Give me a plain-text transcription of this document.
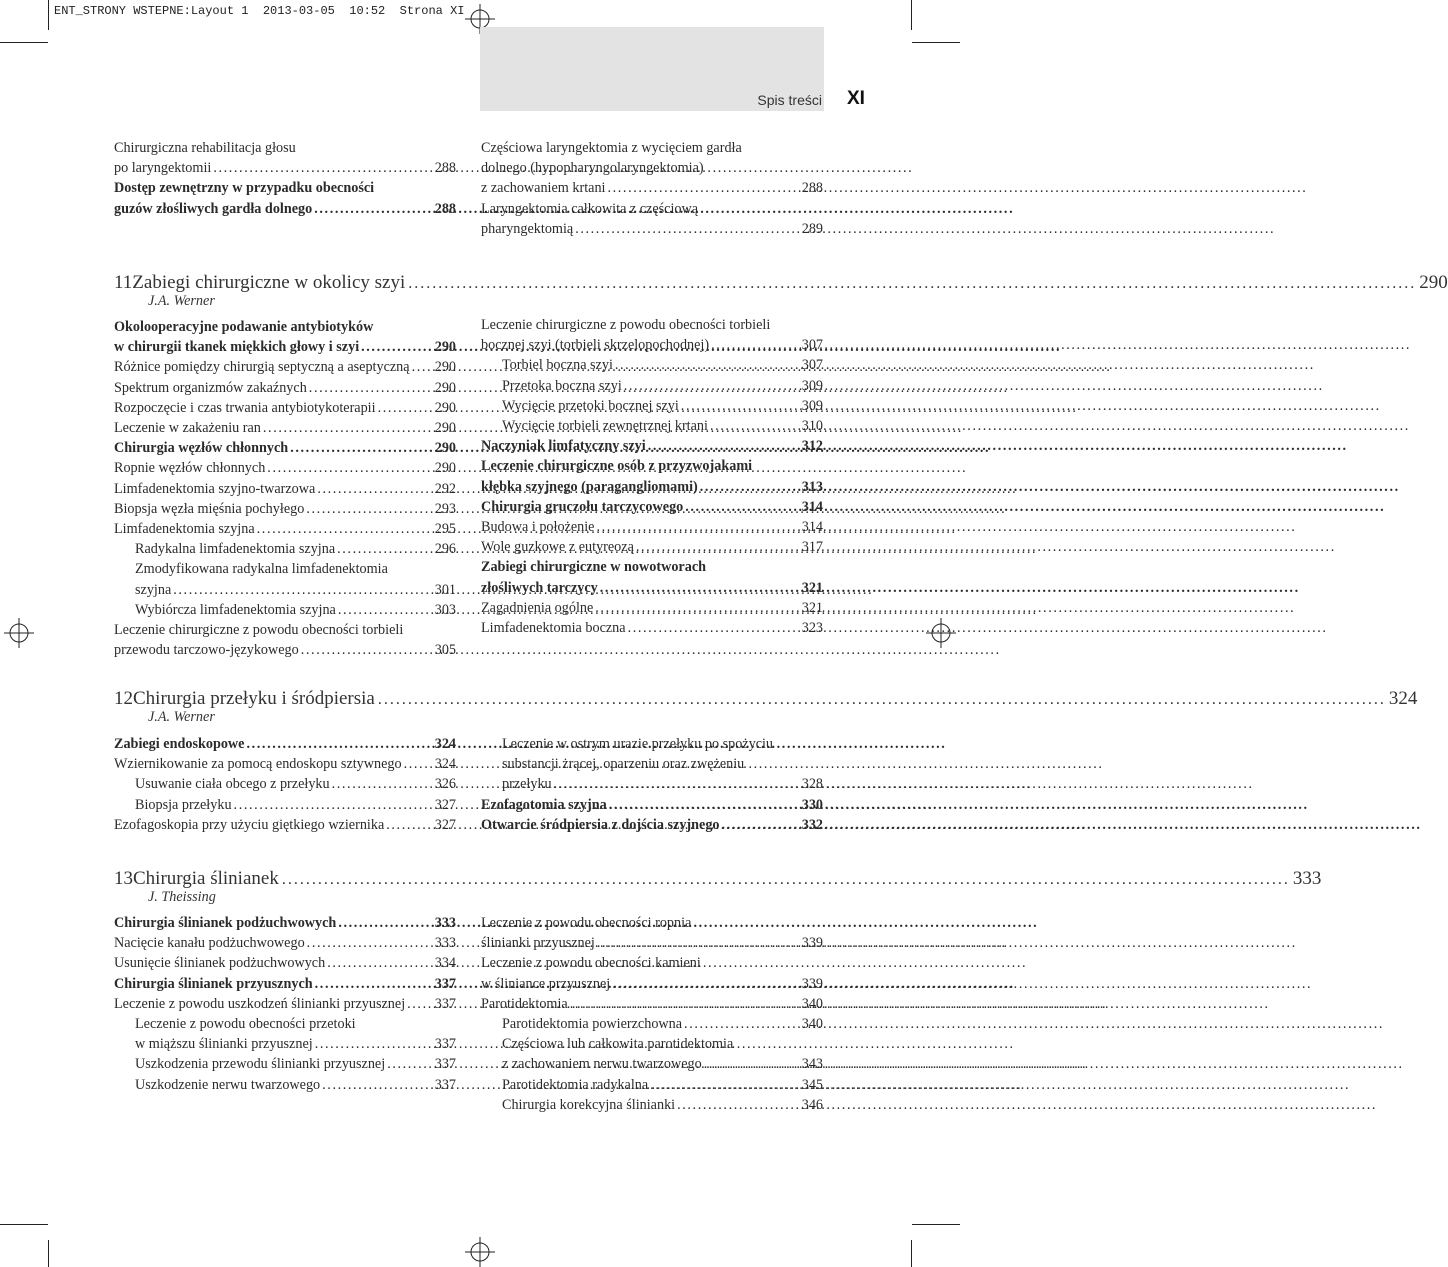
ENT_STRONY WSTEPNE:Layout 1  2013-03-05  10:52  Strona XI
Spis treści XI
Chirurgiczna rehabilitacja głosu
po laryngektomii .....	288
Dostęp zewnętrzny w przypadku obecności
guzów złośliwych gardła dolnego .....	288
Częściowa laryngektomia z wycięciem gardła
dolnego (hypopharyngolaryngektomia)
z zachowaniem krtani .....	288
Laryngektomia całkowita z częściową
pharyngektomią .....	289
11 Zabiegi chirurgiczne w okolicy szyi .....	290
J.A. Werner
Okolooperacyjne podawanie antybiotyków
w chirurgii tkanek miękkich głowy i szyi .....	290
Różnice pomiędzy chirurgią septyczną a aseptyczną ..... 290
Spektrum organizmów zakaźnych .....	290
Rozpoczęcie i czas trwania antybiotykoterapii .....	290
Leczenie w zakażeniu ran .....	290
Chirurgia węzłów chłonnych .....	290
Ropnie węzłów chłonnych .....	290
Limfadenektomia szyjno-twarzowa .....	292
Biopsja węzła mięśnia pochyłego .....	293
Limfadenektomia szyjna .....	295
Radykalna limfadenektomia szyjna .....	296
Zmodyfikowana radykalna limfadenektomia
szyjna .....	301
Wybiórcza limfadenektomia szyjna .....	303
Leczenie chirurgiczne z powodu obecności torbieli
przewodu tarczowo-językowego .....	305
Leczenie chirurgiczne z powodu obecności torbieli
bocznej szyi (torbieli skrzelopochodnej) .....	307
Torbiel boczna szyi .....	307
Przetoka boczna szyi .....	309
Wycięcie przetoki bocznej szyi .....	309
Wycięcie torbieli zewnętrznej krtani .....	310
Naczyniak limfatyczny szyi .....	312
Leczenie chirurgiczne osób z przyzwojakami
kłębka szyjnego (paragangliomami) .....	313
Chirurgia gruczołu tarczycowego .....	314
Budowa i położenie .....	314
Wole guzkowe z eutyreozą .....	317
Zabiegi chirurgiczne w nowotworach
złośliwych tarczycy .....	321
Zagadnienia ogólne .....	321
Limfadenektomia boczna .....	323
12 Chirurgia przełyku i śródpiersia .....	324
J.A. Werner
Zabiegi endoskopowe .....	324
Wziernikowanie za pomocą endoskopu sztywnego ..... 324
Usuwanie ciała obcego z przełyku .....	326
Biopsja przełyku .....	327
Ezofagoskopia przy użyciu giętkiego wziernika .....	327
Leczenie w ostrym urazie przełyku po spożyciu
substancji żrącej, oparzeniu oraz zwężeniu
przełyku .....	328
Ezofagotomia szyjna .....	330
Otwarcie śródpiersia z dojścia szyjnego .....	332
13 Chirurgia ślinianek .....	333
J. Theissing
Chirurgia ślinianek podżuchwowych .....	333
Nacięcie kanału podżuchwowego .....	333
Usunięcie ślinianek podżuchwowych .....	334
Chirurgia ślinianek przyusznych .....	337
Leczenie z powodu uszkodzeń ślinianki przyusznej ..... 337
Leczenie z powodu obecności przetoki
w miąższu ślinianki przyusznej .....	337
Uszkodzenia przewodu ślinianki przyusznej .....	337
Uszkodzenie nerwu twarzowego .....	337
Leczenie z powodu obecności ropnia
ślinianki przyusznej .....	339
Leczenie z powodu obecności kamieni
w śliniance przyusznej .....	339
Parotidektomia .....	340
Parotidektomia powierzchowna .....	340
Częściowa lub całkowita parotidektomia
z zachowaniem nerwu twarzowego .....	343
Parotidektomia radykalna .....	345
Chirurgia korekcyjna ślinianki .....	346
